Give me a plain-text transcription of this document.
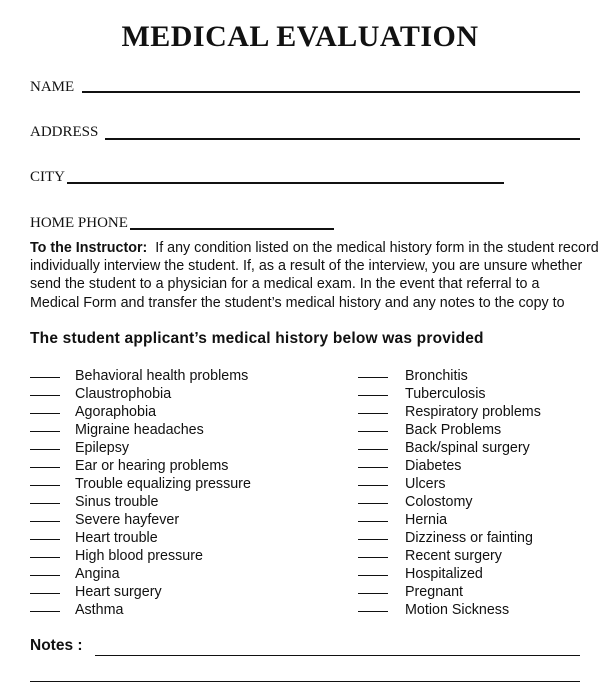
MEDICAL EVALUATION
NAME
ADDRESS
CITY
HOME PHONE
To the Instructor: If any condition listed on the medical history form in the student record
individually interview the student. If, as a result of the interview, you are unsure whether
send the student to a physician for a medical exam. In the event that referral to a
Medical Form and transfer the student’s medical history and any notes to the copy to
The student applicant’s medical history below was provided
Behavioral health problems
Claustrophobia
Agoraphobia
Migraine headaches
Epilepsy
Ear or hearing problems
Trouble equalizing pressure
Sinus trouble
Severe hayfever
Heart trouble
High blood pressure
Angina
Heart surgery
Asthma
Bronchitis
Tuberculosis
Respiratory problems
Back Problems
Back/spinal surgery
Diabetes
Ulcers
Colostomy
Hernia
Dizziness or fainting
Recent surgery
Hospitalized
Pregnant
Motion Sickness
Notes :
